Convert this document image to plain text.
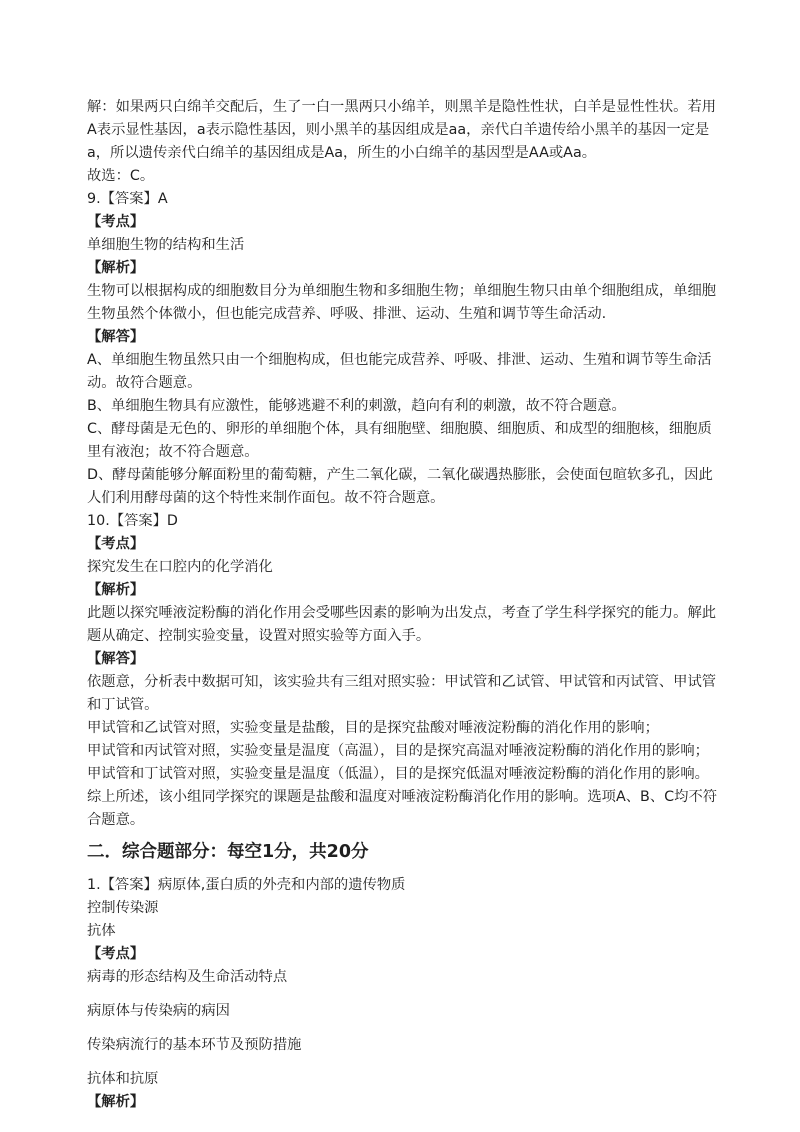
解：如果两只白绵羊交配后，生了一白一黑两只小绵羊，则黑羊是隐性性状，白羊是显性性状。若用A表示显性基因，a表示隐性基因，则小黑羊的基因组成是aa，亲代白羊遗传给小黑羊的基因一定是a，所以遗传亲代白绵羊的基因组成是Aa，所生的小白绵羊的基因型是AA或Aa。

故选：C。

9.【答案】A

【考点】

单细胞生物的结构和生活

【解析】

生物可以根据构成的细胞数目分为单细胞生物和多细胞生物；单细胞生物只由单个细胞组成，单细胞生物虽然个体微小，但也能完成营养、呼吸、排泄、运动、生殖和调节等生命活动.

【解答】

A、单细胞生物虽然只由一个细胞构成，但也能完成营养、呼吸、排泄、运动、生殖和调节等生命活动。故符合题意。

B、单细胞生物具有应激性，能够逃避不利的刺激，趋向有利的刺激，故不符合题意。

C、酵母菌是无色的、卵形的单细胞个体，具有细胞壁、细胞膜、细胞质、和成型的细胞核，细胞质里有液泡；故不符合题意。

D、酵母菌能够分解面粉里的葡萄糖，产生二氧化碳，二氧化碳遇热膨胀，会使面包暄软多孔，因此人们利用酵母菌的这个特性来制作面包。故不符合题意。

10.【答案】D

【考点】

探究发生在口腔内的化学消化

【解析】

此题以探究唾液淀粉酶的消化作用会受哪些因素的影响为出发点，考查了学生科学探究的能力。解此题从确定、控制实验变量，设置对照实验等方面入手。

【解答】

依题意，分析表中数据可知，该实验共有三组对照实验：甲试管和乙试管、甲试管和丙试管、甲试管和丁试管。

甲试管和乙试管对照，实验变量是盐酸，目的是探究盐酸对唾液淀粉酶的消化作用的影响；

甲试管和丙试管对照，实验变量是温度（高温），目的是探究高温对唾液淀粉酶的消化作用的影响；

甲试管和丁试管对照，实验变量是温度（低温），目的是探究低温对唾液淀粉酶的消化作用的影响。

综上所述，该小组同学探究的课题是盐酸和温度对唾液淀粉酶消化作用的影响。选项A、B、C均不符合题意。

二．综合题部分：每空1分，共20分

1.【答案】病原体,蛋白质的外壳和内部的遗传物质

控制传染源

抗体

【考点】

病毒的形态结构及生命活动特点

病原体与传染病的病因

传染病流行的基本环节及预防措施

抗体和抗原

【解析】
